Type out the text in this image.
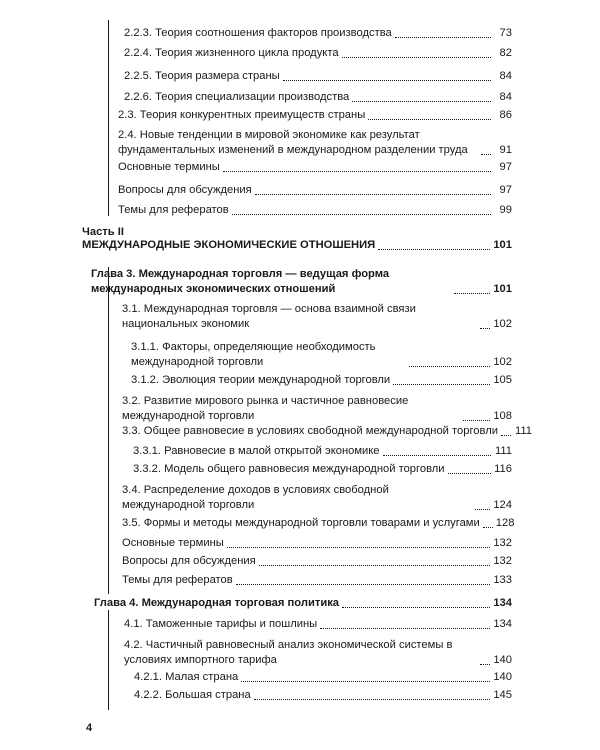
2.2.3. Теория соотношения факторов производства	73
2.2.4. Теория жизненного цикла продукта	82
2.2.5. Теория размера страны	84
2.2.6. Теория специализации производства	84
2.3. Теория конкурентных преимуществ страны	86
2.4. Новые тенденции в мировой экономике как результат фундаментальных изменений в международном разделении труда	91
Основные термины	97
Вопросы для обсуждения	97
Темы для рефератов	99
Часть II
МЕЖДУНАРОДНЫЕ ЭКОНОМИЧЕСКИЕ ОТНОШЕНИЯ	101
Глава 3. Международная торговля — ведущая форма международных экономических отношений	101
3.1. Международная торговля — основа взаимной связи национальных экономик	102
3.1.1. Факторы, определяющие необходимость международной торговли	102
3.1.2. Эволюция теории международной торговли	105
3.2. Развитие мирового рынка и частичное равновесие международной торговли	108
3.3. Общее равновесие в условиях свободной международной торговли 111
3.3.1. Равновесие в малой открытой экономике	111
3.3.2. Модель общего равновесия международной торговли	116
3.4. Распределение доходов в условиях свободной международной торговли	124
3.5. Формы и методы международной торговли товарами и услугами 128
Основные термины	132
Вопросы для обсуждения	132
Темы для рефератов	133
Глава 4. Международная торговая политика	134
4.1. Таможенные тарифы и пошлины	134
4.2. Частичный равновесный анализ экономической системы в условиях импортного тарифа	140
4.2.1. Малая страна	140
4.2.2. Большая страна	145
4
